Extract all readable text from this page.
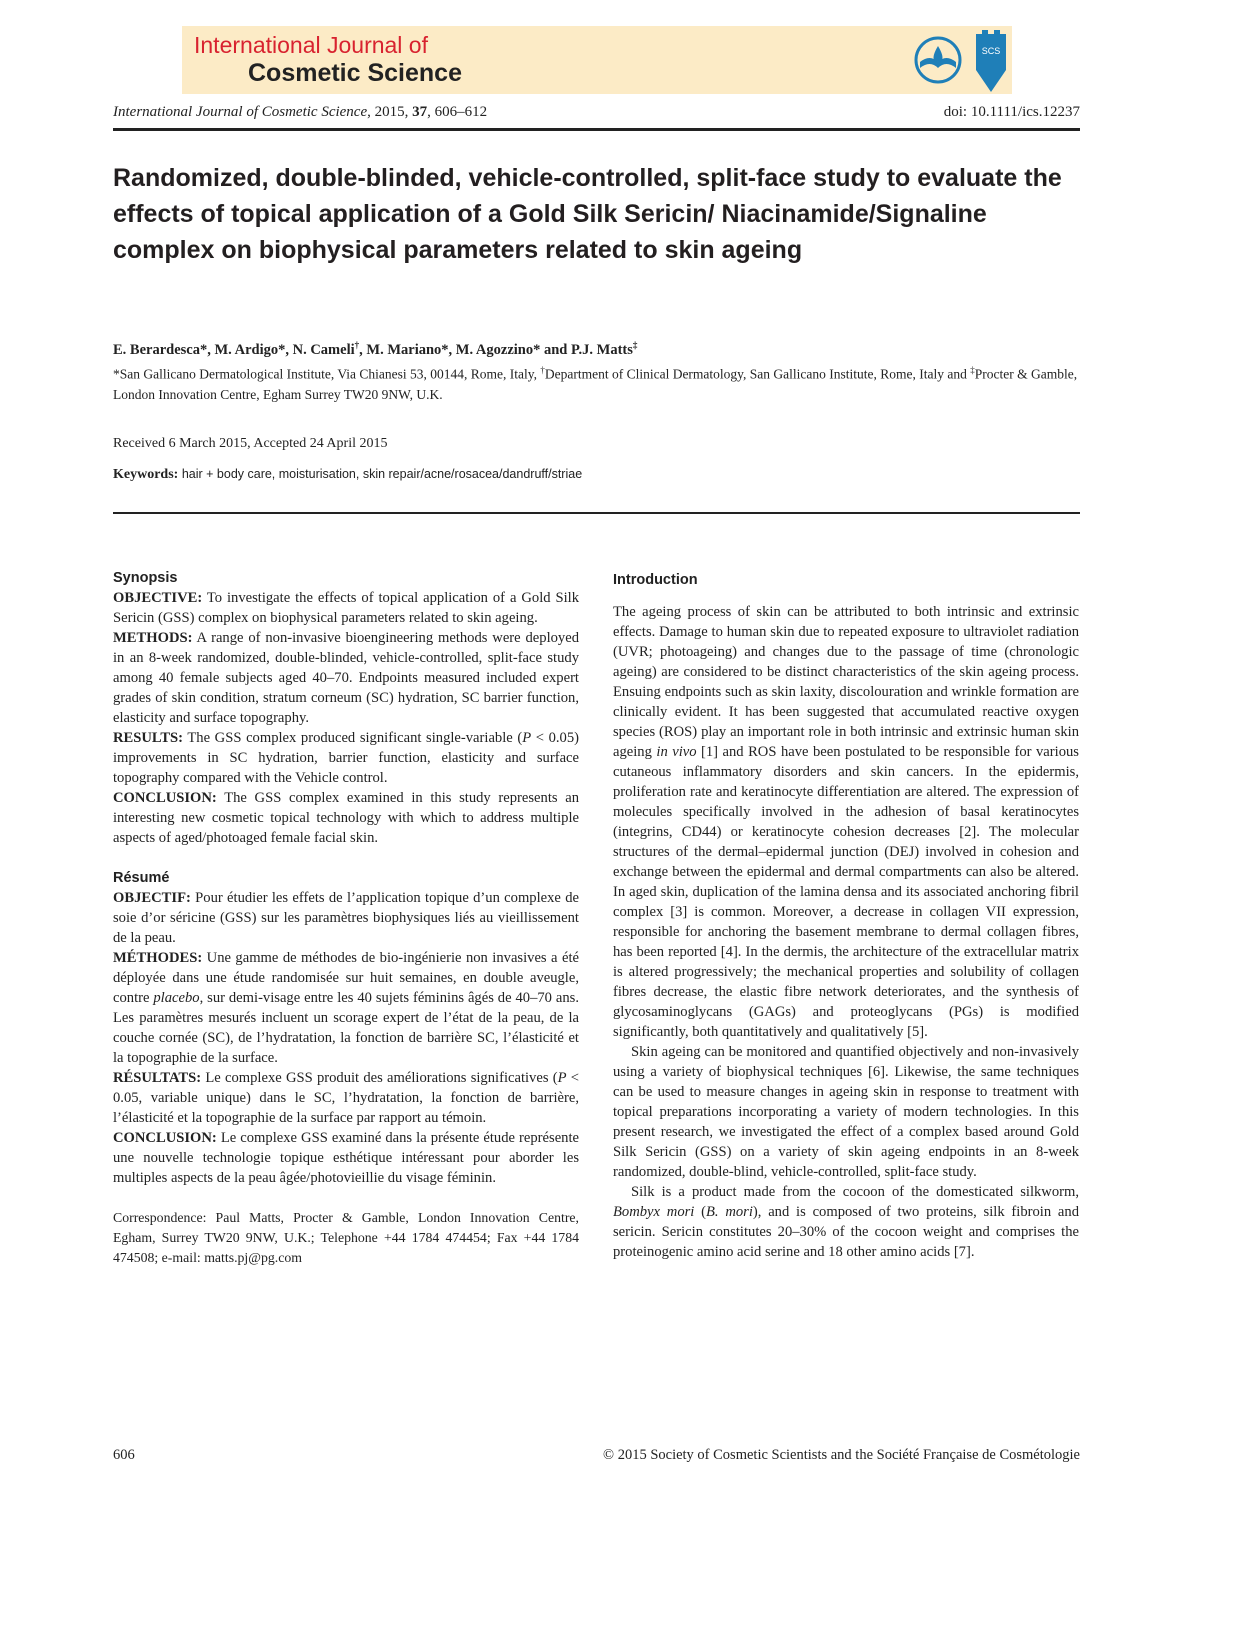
International Journal of
Cosmetic Science
SCS
International Journal of Cosmetic Science, 2015, 37, 606–612	doi: 10.1111/ics.12237
Randomized, double-blinded, vehicle-controlled, split-face study to evaluate the effects of topical application of a Gold Silk Sericin/ Niacinamide/Signaline complex on biophysical parameters related to skin ageing
E. Berardesca*, M. Ardigo*, N. Cameli†, M. Mariano*, M. Agozzino* and P.J. Matts‡
*San Gallicano Dermatological Institute, Via Chianesi 53, 00144, Rome, Italy, †Department of Clinical Dermatology, San Gallicano Institute, Rome, Italy and ‡Procter & Gamble, London Innovation Centre, Egham Surrey TW20 9NW, U.K.
Received 6 March 2015, Accepted 24 April 2015
Keywords: hair + body care, moisturisation, skin repair/acne/rosacea/dandruff/striae
Synopsis

OBJECTIVE: To investigate the effects of topical application of a Gold Silk Sericin (GSS) complex on biophysical parameters related to skin ageing.

METHODS: A range of non-invasive bioengineering methods were deployed in an 8-week randomized, double-blinded, vehicle-controlled, split-face study among 40 female subjects aged 40–70. Endpoints measured included expert grades of skin condition, stratum corneum (SC) hydration, SC barrier function, elasticity and surface topography.

RESULTS: The GSS complex produced significant single-variable (P < 0.05) improvements in SC hydration, barrier function, elasticity and surface topography compared with the Vehicle control.

CONCLUSION: The GSS complex examined in this study represents an interesting new cosmetic topical technology with which to address multiple aspects of aged/photoaged female facial skin.

Résumé

OBJECTIF: Pour étudier les effets de l’application topique d’un complexe de soie d’or séricine (GSS) sur les paramètres biophysiques liés au vieillissement de la peau.

MÉTHODES: Une gamme de méthodes de bio-ingénierie non invasives a été déployée dans une étude randomisée sur huit semaines, en double aveugle, contre placebo, sur demi-visage entre les 40 sujets féminins âgés de 40–70 ans. Les paramètres mesurés incluent un scorage expert de l’état de la peau, de la couche cornée (SC), de l’hydratation, la fonction de barrière SC, l’élasticité et la topographie de la surface.

RÉSULTATS: Le complexe GSS produit des améliorations significatives (P < 0.05, variable unique) dans le SC, l’hydratation, la fonction de barrière, l’élasticité et la topographie de la surface par rapport au témoin.

CONCLUSION: Le complexe GSS examiné dans la présente étude représente une nouvelle technologie topique esthétique intéressant pour aborder les multiples aspects de la peau âgée/photovieillie du visage féminin.

Correspondence: Paul Matts, Procter & Gamble, London Innovation Centre, Egham, Surrey TW20 9NW, U.K.; Telephone +44 1784 474454; Fax +44 1784 474508; e-mail: matts.pj@pg.com

Introduction

The ageing process of skin can be attributed to both intrinsic and extrinsic effects. Damage to human skin due to repeated exposure to ultraviolet radiation (UVR; photoageing) and changes due to the passage of time (chronologic ageing) are considered to be distinct characteristics of the skin ageing process. Ensuing endpoints such as skin laxity, discolouration and wrinkle formation are clinically evident. It has been suggested that accumulated reactive oxygen species (ROS) play an important role in both intrinsic and extrinsic human skin ageing in vivo [1] and ROS have been postulated to be responsible for various cutaneous inflammatory disorders and skin cancers. In the epidermis, proliferation rate and keratinocyte differentiation are altered. The expression of molecules specifically involved in the adhesion of basal keratinocytes (integrins, CD44) or keratinocyte cohesion decreases [2]. The molecular structures of the dermal–epidermal junction (DEJ) involved in cohesion and exchange between the epidermal and dermal compartments can also be altered. In aged skin, duplication of the lamina densa and its associated anchoring fibril complex [3] is common. Moreover, a decrease in collagen VII expression, responsible for anchoring the basement membrane to dermal collagen fibres, has been reported [4]. In the dermis, the architecture of the extracellular matrix is altered progressively; the mechanical properties and solubility of collagen fibres decrease, the elastic fibre network deteriorates, and the synthesis of glycosaminoglycans (GAGs) and proteoglycans (PGs) is modified significantly, both quantitatively and qualitatively [5].

Skin ageing can be monitored and quantified objectively and non-invasively using a variety of biophysical techniques [6]. Likewise, the same techniques can be used to measure changes in ageing skin in response to treatment with topical preparations incorporating a variety of modern technologies. In this present research, we investigated the effect of a complex based around Gold Silk Sericin (GSS) on a variety of skin ageing endpoints in an 8-week randomized, double-blind, vehicle-controlled, split-face study.

Silk is a product made from the cocoon of the domesticated silkworm, Bombyx mori (B. mori), and is composed of two proteins, silk fibroin and sericin. Sericin constitutes 20–30% of the cocoon weight and comprises the proteinogenic amino acid serine and 18 other amino acids [7].

606	© 2015 Society of Cosmetic Scientists and the Société Française de Cosmétologie
